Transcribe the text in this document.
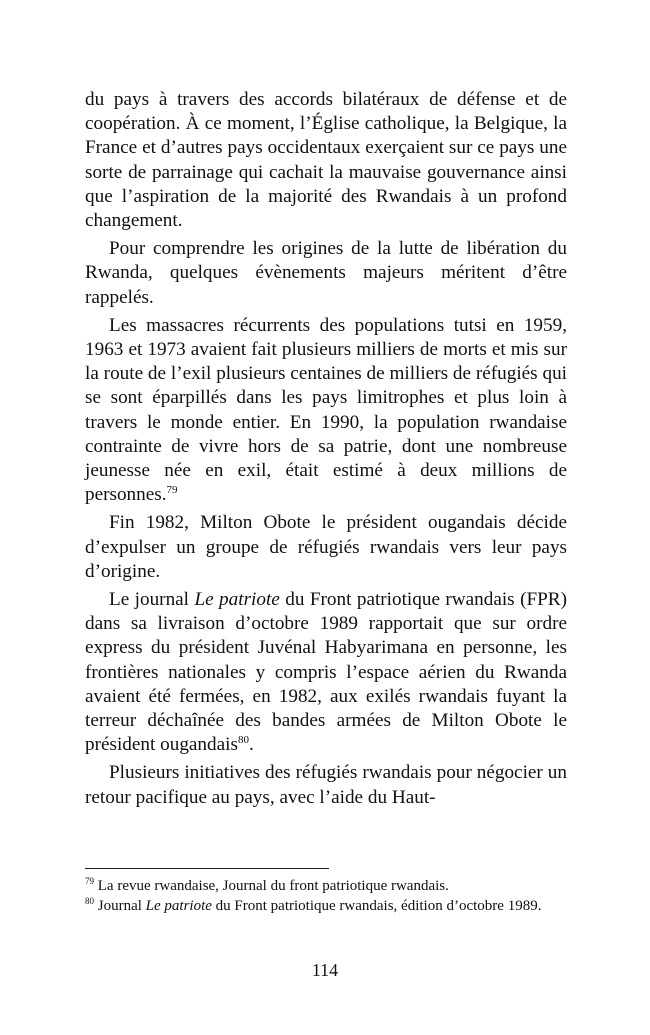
du pays à travers des accords bilatéraux de défense et de coopération. À ce moment, l’Église catholique, la Belgique, la France et d’autres pays occidentaux exerçaient sur ce pays une sorte de parrainage qui cachait la mauvaise gouvernance ainsi que l’aspiration de la majorité des Rwandais à un profond changement.

Pour comprendre les origines de la lutte de libération du Rwanda, quelques évènements majeurs méritent d’être rappelés.

Les massacres récurrents des populations tutsi en 1959, 1963 et 1973 avaient fait plusieurs milliers de morts et mis sur la route de l’exil plusieurs centaines de milliers de réfugiés qui se sont éparpillés dans les pays limitrophes et plus loin à travers le monde entier. En 1990, la population rwandaise contrainte de vivre hors de sa patrie, dont une nombreuse jeunesse née en exil, était estimé à deux millions de personnes.$^{79}$

Fin 1982, Milton Obote le président ougandais décide d’expulser un groupe de réfugiés rwandais vers leur pays d’origine.

Le journal Le patriote du Front patriotique rwandais (FPR) dans sa livraison d’octobre 1989 rapportait que sur ordre express du président Juvénal Habyarimana en personne, les frontières nationales y compris l’espace aérien du Rwanda avaient été fermées, en 1982, aux exilés rwandais fuyant la terreur déchaînée des bandes armées de Milton Obote le président ougandais$^{80}$.

Plusieurs initiatives des réfugiés rwandais pour négocier un retour pacifique au pays, avec l’aide du Haut-

$^{79}$ La revue rwandaise, Journal du front patriotique rwandais.

$^{80}$ Journal Le patriote du Front patriotique rwandais, édition d’octobre 1989.

114
